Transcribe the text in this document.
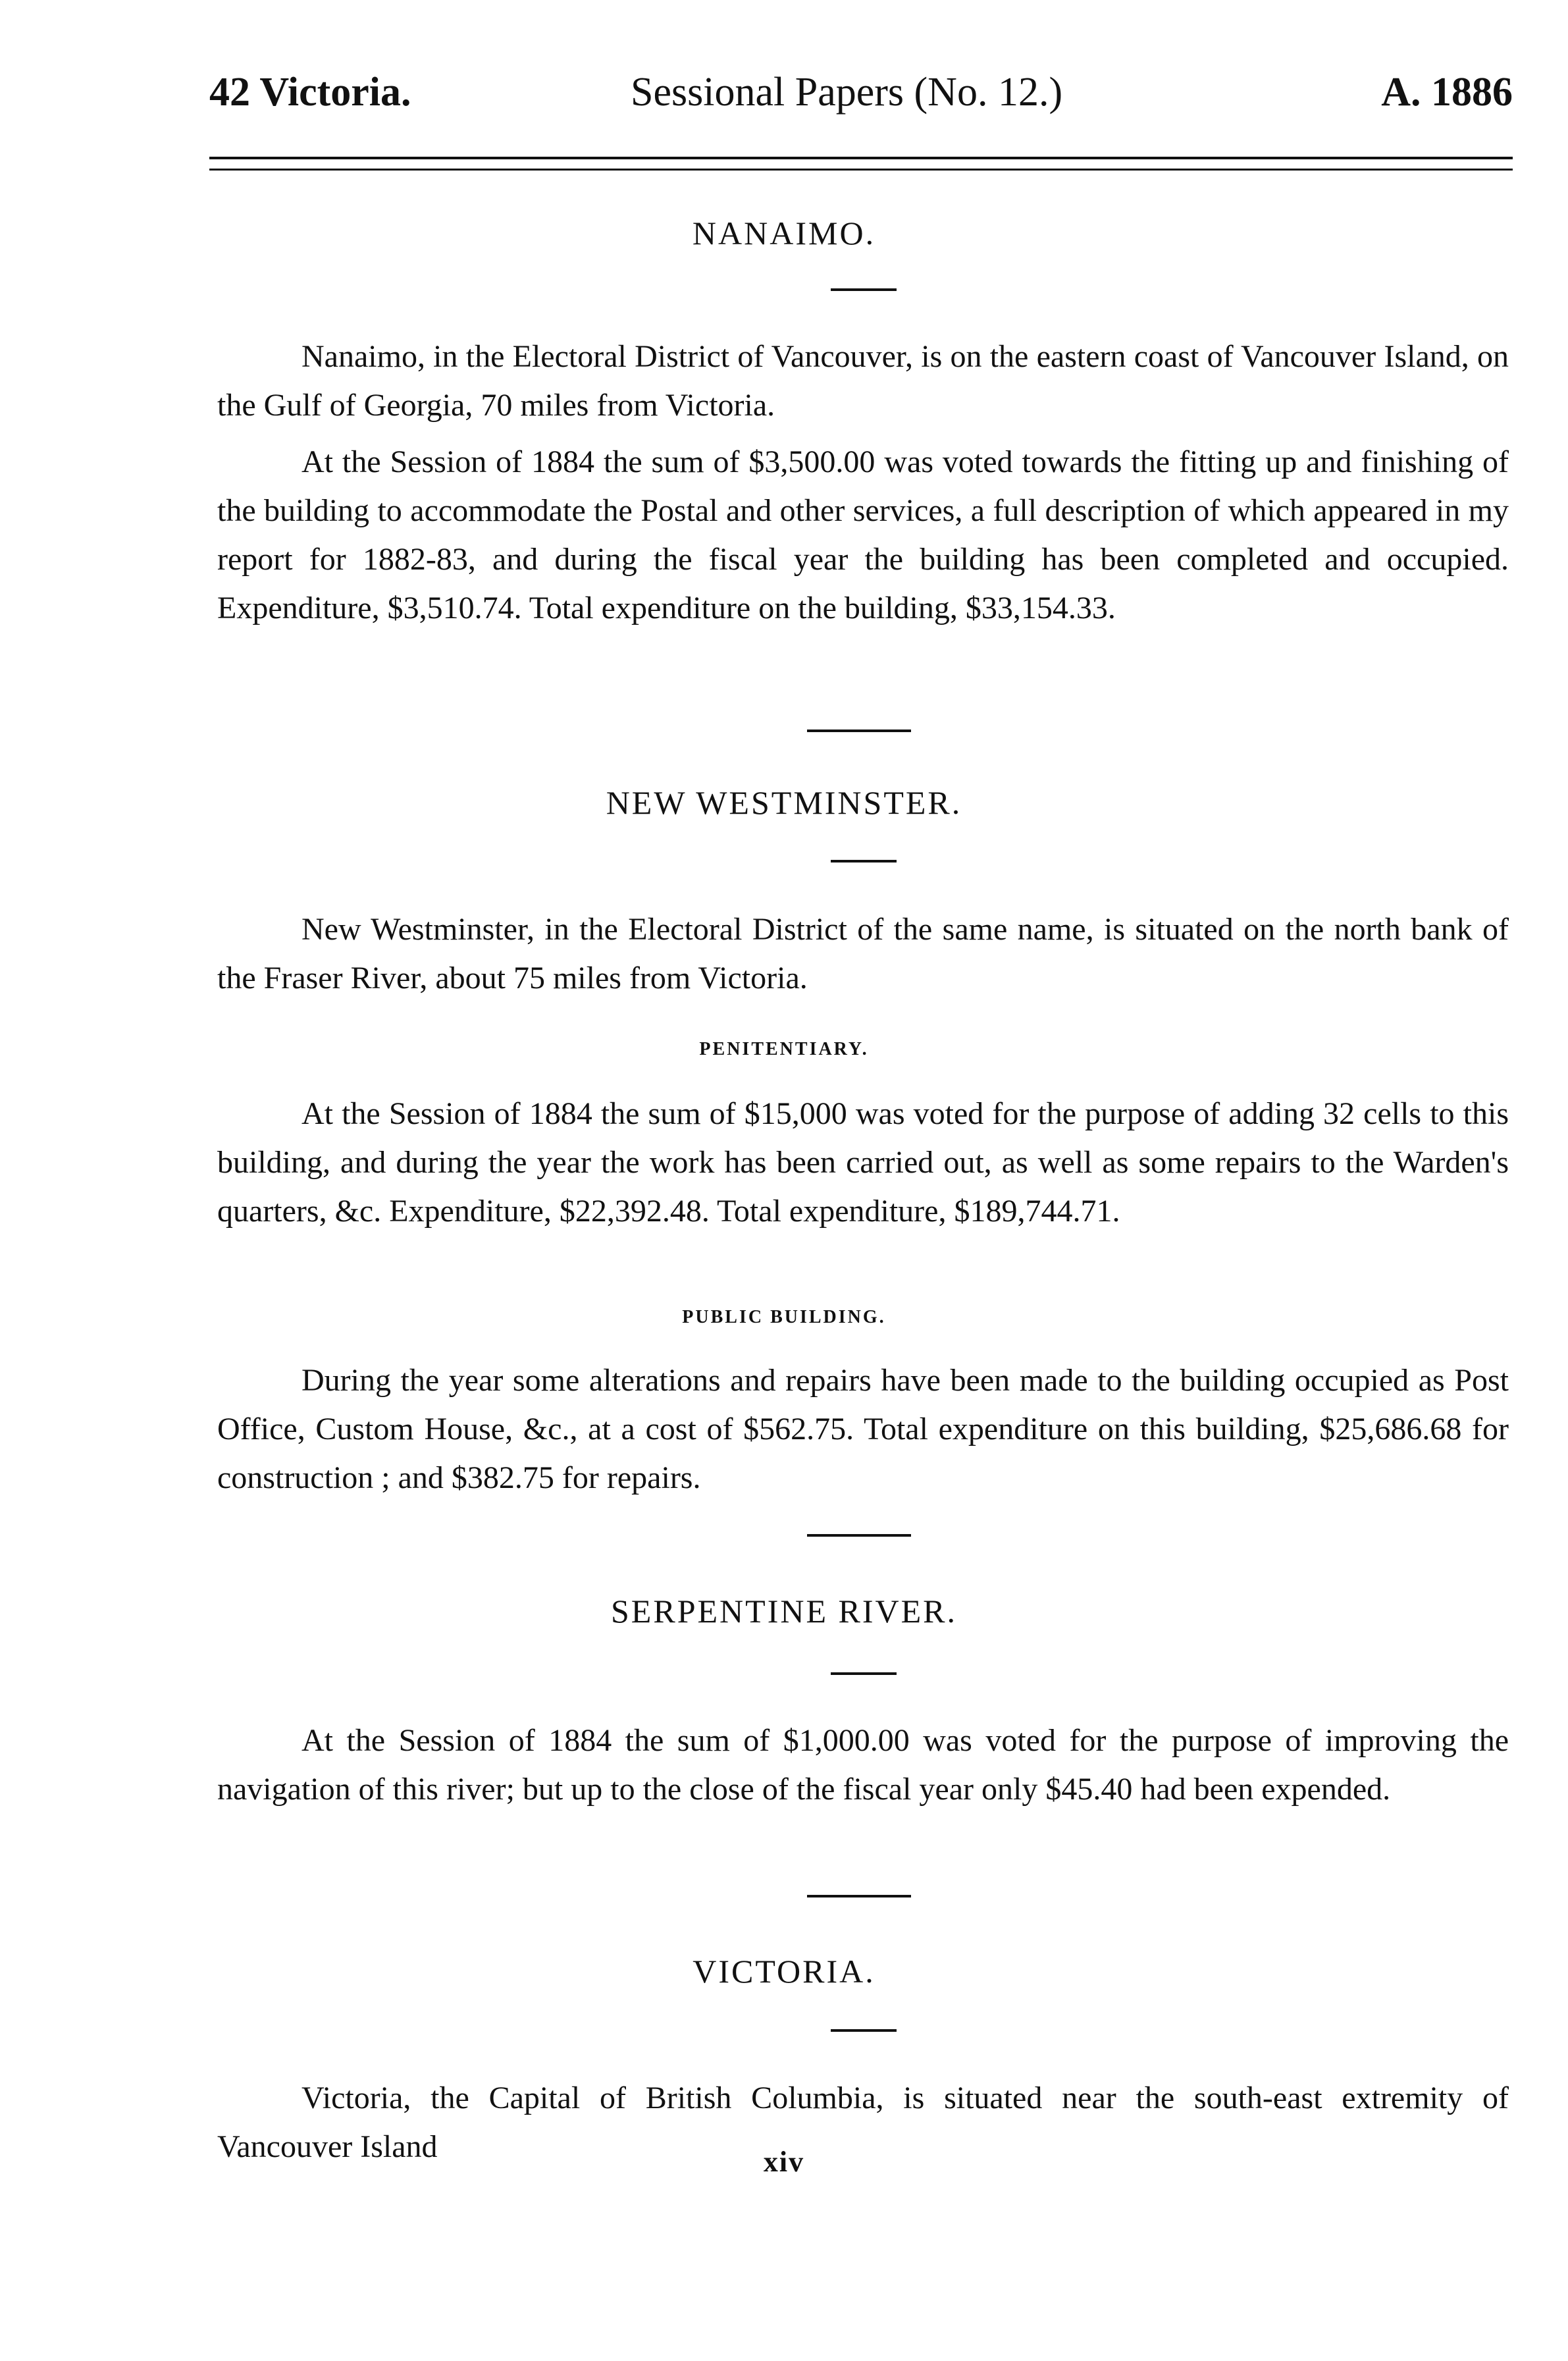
42 Victoria.	Sessional Papers (No. 12.)	A. 1886
NANAIMO.
Nanaimo, in the Electoral District of Vancouver, is on the eastern coast of Vancouver Island, on the Gulf of Georgia, 70 miles from Victoria.
At the Session of 1884 the sum of $3,500.00 was voted towards the fitting up and finishing of the building to accommodate the Postal and other services, a full description of which appeared in my report for 1882-83, and during the fiscal year the building has been completed and occupied. Expenditure, $3,510.74. Total expenditure on the building, $33,154.33.
NEW WESTMINSTER.
New Westminster, in the Electoral District of the same name, is situated on the north bank of the Fraser River, about 75 miles from Victoria.
PENITENTIARY.
At the Session of 1884 the sum of $15,000 was voted for the purpose of adding 32 cells to this building, and during the year the work has been carried out, as well as some repairs to the Warden's quarters, &c. Expenditure, $22,392.48. Total expenditure, $189,744.71.
PUBLIC BUILDING.
During the year some alterations and repairs have been made to the building occupied as Post Office, Custom House, &c., at a cost of $562.75. Total expenditure on this building, $25,686.68 for construction ; and $382.75 for repairs.
SERPENTINE RIVER.
At the Session of 1884 the sum of $1,000.00 was voted for the purpose of improving the navigation of this river; but up to the close of the fiscal year only $45.40 had been expended.
VICTORIA.
Victoria, the Capital of British Columbia, is situated near the south-east extremity of Vancouver Island	xiv
